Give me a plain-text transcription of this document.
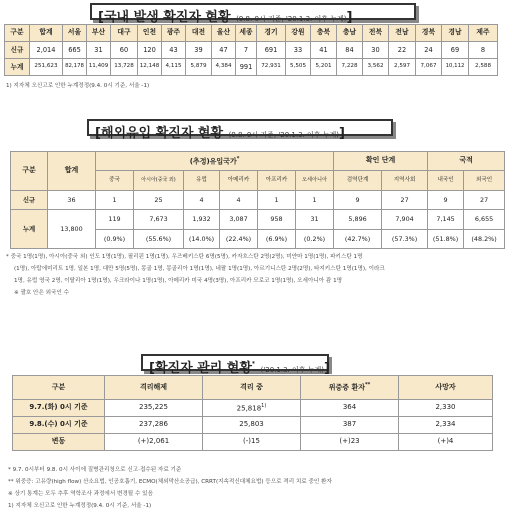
[국내 발생 확진자 현황 (9.8. 0시 기준, '20.1.3. 이후 누계)]
구분	합계	서울	부산	대구	인천	광주	대전	울산	세종	경기	강원	충북	충남	전북	전남	경북	경남	제주
신규	2,014	665	31	60	120	43	39	47	7	691	33	41	84	30	22	24	69	8
누계	251,623	82,178	11,409	13,728	12,148	4,115	5,879	4,384	991	72,931	5,505	5,201	7,228	3,562	2,597	7,067	10,112	2,588
1) 지자체 오신고로 인한 누계정정(9.4. 0시 기준, 서울 -1)
[해외유입 확진자 현황 (9.8. 0시 기준, '20.1.3. 이후 누계)]
구분	합계	(추정)유입국가*						확인 단계		국적	
		중국	아시아(중국 외)	유럽	아메리카	아프리카	오세아니아	검역단계	지역사회	내국인	외국인
신규	36	1	25	4	4	1	1	9	27	9	27
누계	13,800	119	7,673	1,932	3,087	958	31	5,896	7,904	7,145	6,655
		(0.9%)	(55.6%)	(14.0%)	(22.4%)	(6.9%)	(0.2%)	(42.7%)	(57.3%)	(51.8%)	(48.2%)
* 중국 1명(1명), 아시아(중국 외) 인도 1명(1명), 필리핀 1명(1명), 우즈베키스탄 6명(5명), 카자흐스탄 2명(2명), 미얀마 1명(1명), 파키스탄 1명
(1명), 아랍에미리트 1명, 일본 1명, 대만 5명(5명), 몽골 1명, 몽골리아 1명(1명), 네팔 1명(1명), 아르기니스탄 2명(2명), 타지키스탄 1명(1명), 이라크
1명, 유럽 영국 2명, 이탈리아 1명(1명), 우크라이나 1명(1명), 아메리카 미국 4명(3명), 아프리카 모로코 1명(1명), 오세아니아 괌 1명
※ 괄호 안은 외국인 수
[확진자 관리 현황* ('20.1.3. 이후 누계)]
구분	격리해제	격리 중	위중증 환자**	사망자
9.7.(화) 0시 기준	235,225	25,818$^{1)}$	364	2,330
9.8.(수) 0시 기준	237,286	25,803	387	2,334
변동	(+)2,061	(-)15	(+)23	(+)4
* 9.7. 0시부터 9.8. 0시 사이에 질병관리청으로 신고·접수된 자료 기준
** 위중증: 고유량(high flow) 산소요법, 인공호흡기, ECMO(체외막산소공급), CRRT(지속적신대체요법) 등으로 격리 치료 중인 환자
※ 상기 통계는 모두 추후 역학조사 과정에서 변경될 수 있음
1) 지자체 오신고로 인한 누계정정(9.4. 0시 기준, 서울 -1)
